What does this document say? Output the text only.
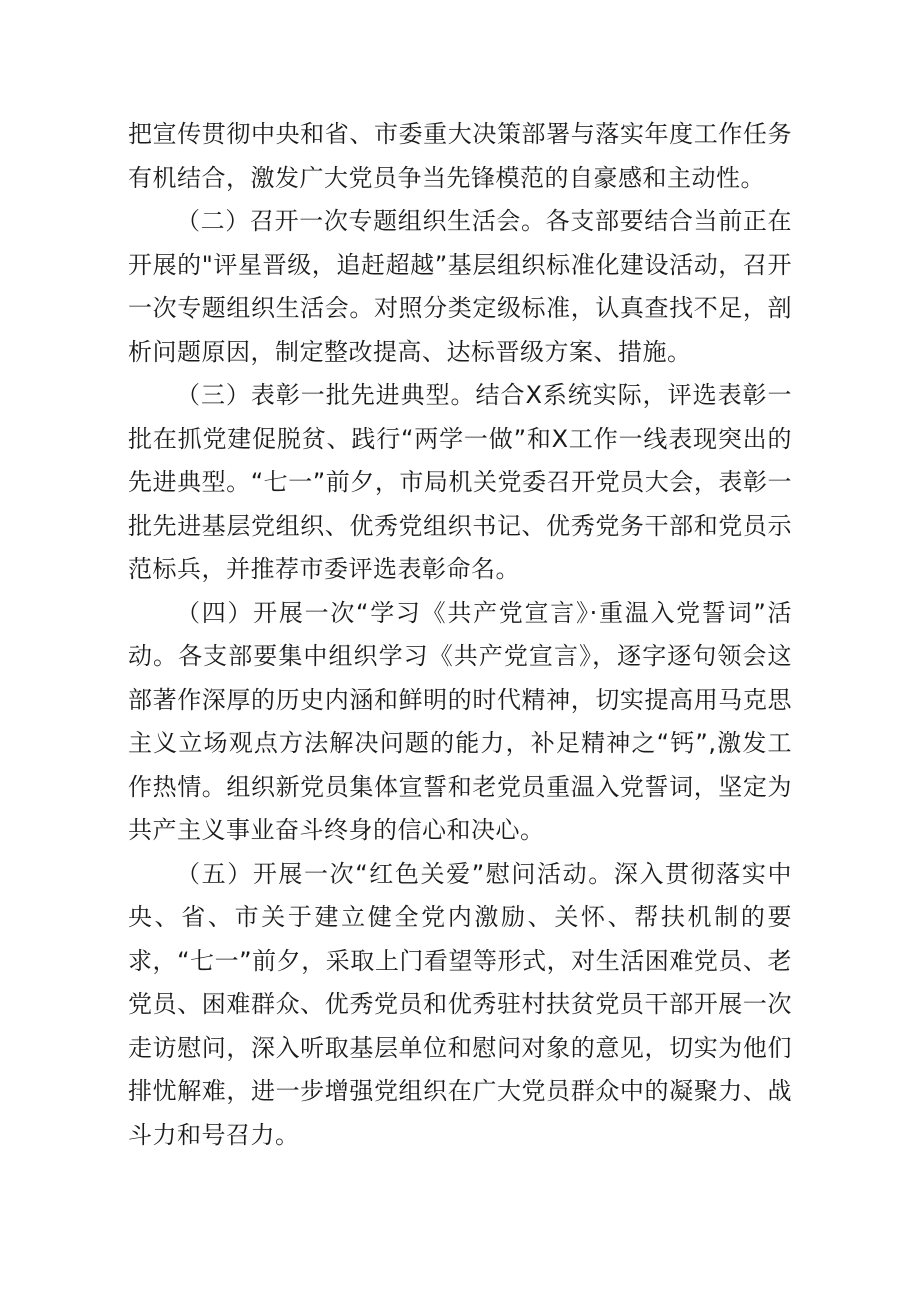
把宣传贯彻中央和省、市委重大决策部署与落实年度工作任务有机结合，激发广大党员争当先锋模范的自豪感和主动性。

（二）召开一次专题组织生活会。各支部要结合当前正在开展的"评星晋级，追赶超越”基层组织标准化建设活动，召开一次专题组织生活会。对照分类定级标准，认真查找不足，剖析问题原因，制定整改提高、达标晋级方案、措施。

（三）表彰一批先进典型。结合X系统实际，评选表彰一批在抓党建促脱贫、践行“两学一做”和X工作一线表现突出的先进典型。“七一”前夕，市局机关党委召开党员大会，表彰一批先进基层党组织、优秀党组织书记、优秀党务干部和党员示范标兵，并推荐市委评选表彰命名。

（四）开展一次“学习《共产党宣言》·重温入党誓词”活动。各支部要集中组织学习《共产党宣言》，逐字逐句领会这部著作深厚的历史内涵和鲜明的时代精神，切实提高用马克思主义立场观点方法解决问题的能力，补足精神之“钙”,激发工作热情。组织新党员集体宣誓和老党员重温入党誓词，坚定为共产主义事业奋斗终身的信心和决心。

（五）开展一次“红色关爱”慰问活动。深入贯彻落实中央、省、市关于建立健全党内激励、关怀、帮扶机制的要求，“七一”前夕，采取上门看望等形式，对生活困难党员、老党员、困难群众、优秀党员和优秀驻村扶贫党员干部开展一次走访慰问，深入听取基层单位和慰问对象的意见，切实为他们排忧解难，进一步增强党组织在广大党员群众中的凝聚力、战斗力和号召力。
